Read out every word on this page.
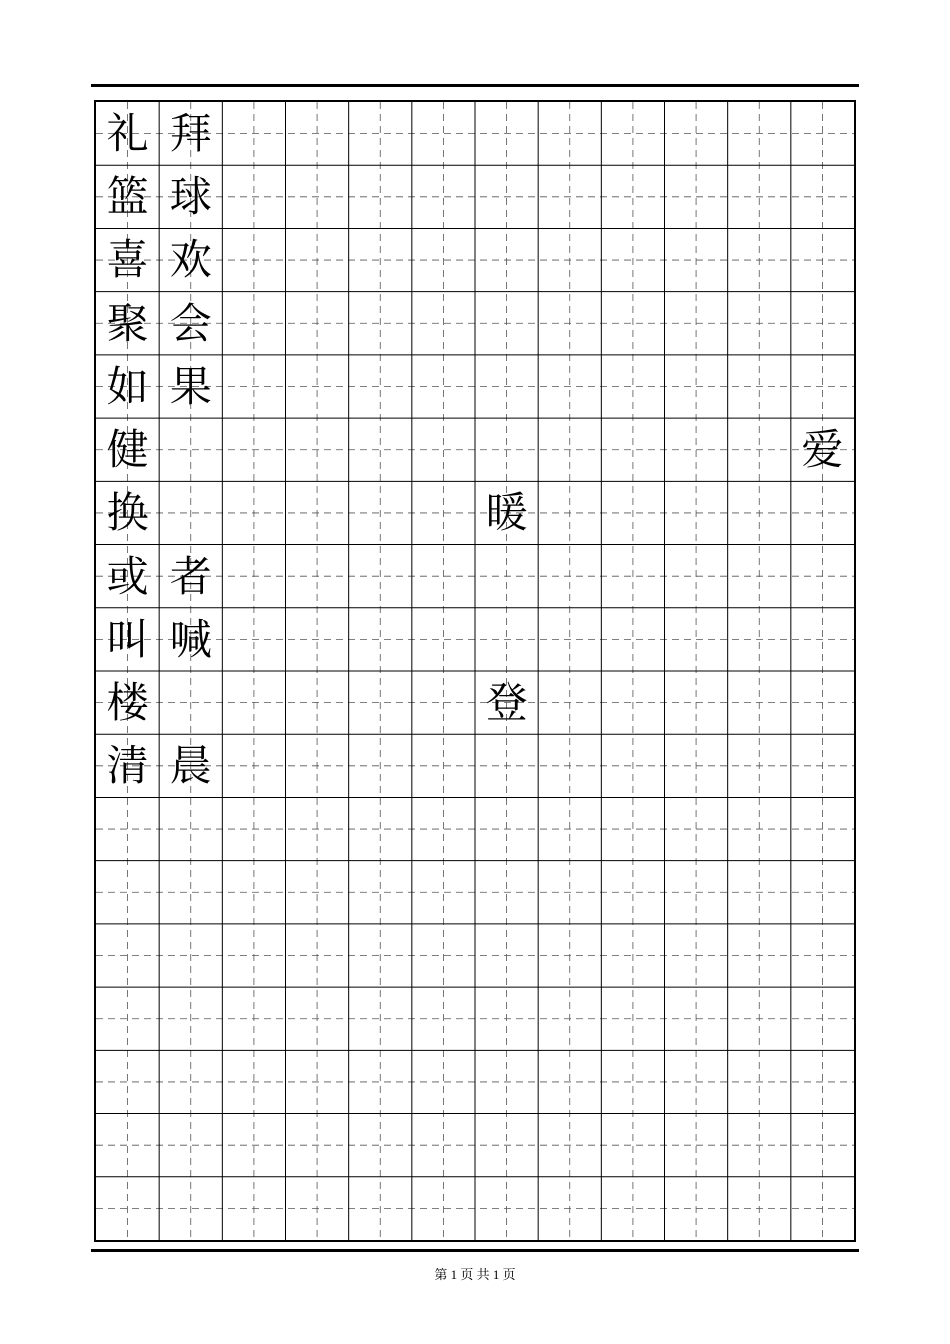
礼 拜
篮 球
喜 欢
聚 会
如 果
健	爱
换	暖
或 者
叫 喊
楼	登
清 晨
第 1 页 共 1 页
